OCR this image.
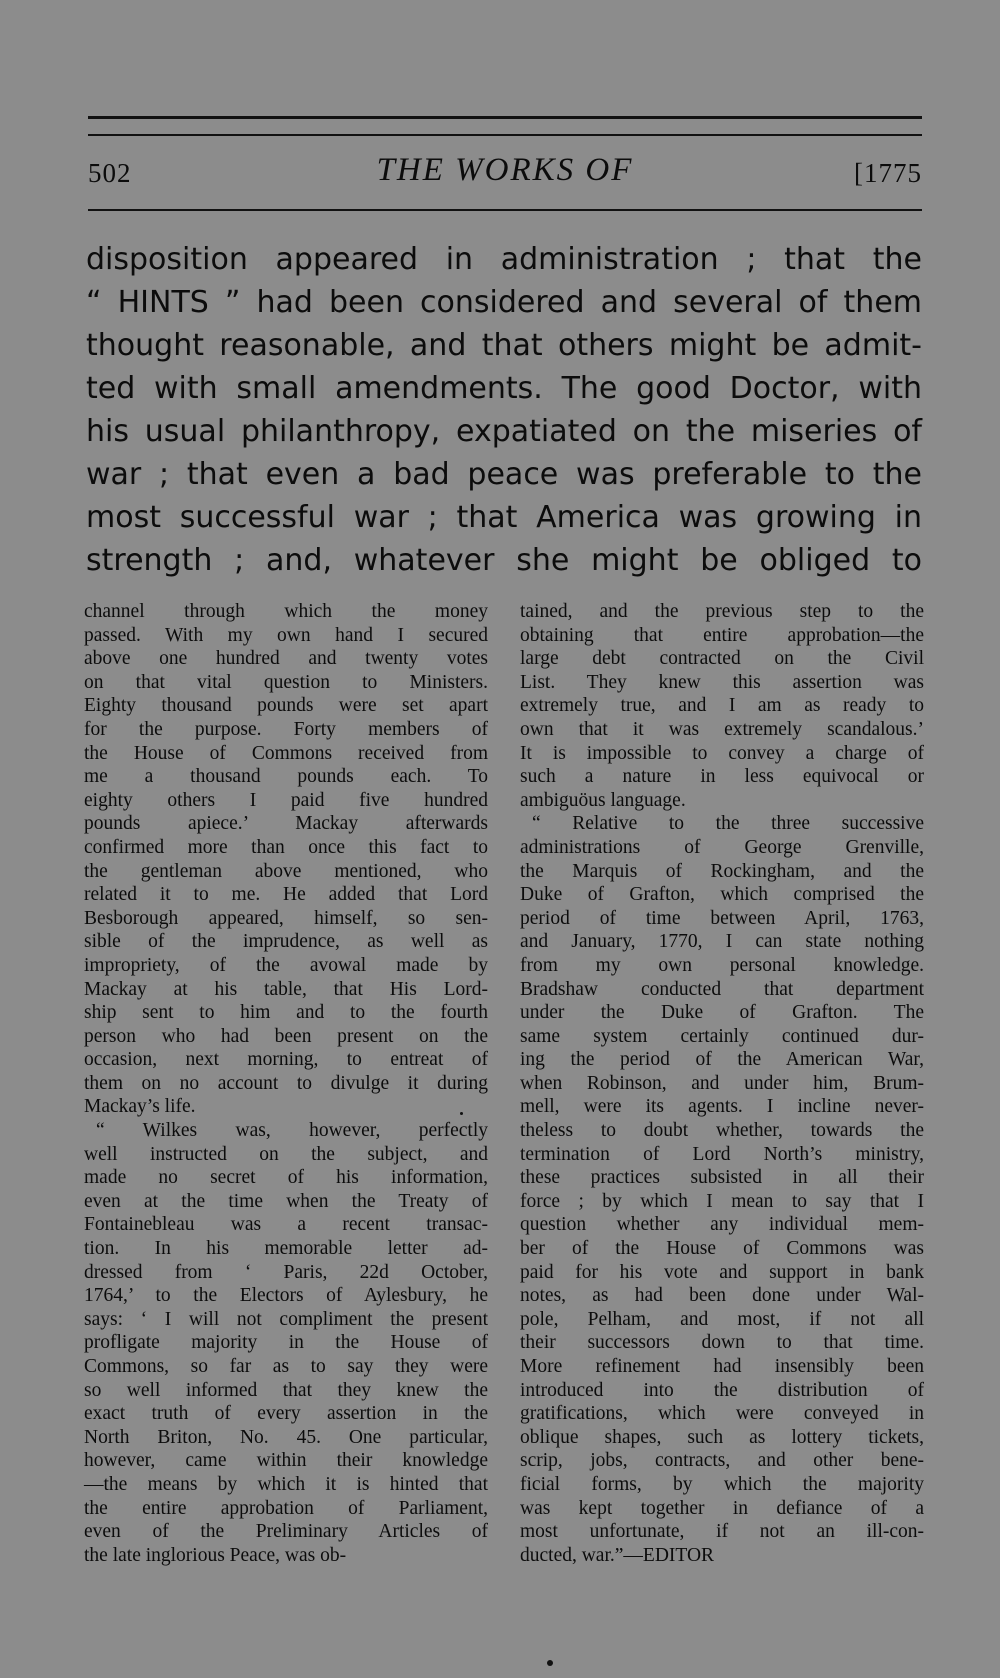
502	THE WORKS OF	[1775
disposition appeared in administration ; that the
“ HINTS ” had been considered and several of them
thought reasonable, and that others might be admit-
ted with small amendments. The good Doctor, with
his usual philanthropy, expatiated on the miseries of
war ; that even a bad peace was preferable to the
most successful war ; that America was growing in
strength ; and, whatever she might be obliged to
channel through which the money
passed. With my own hand I secured
above one hundred and twenty votes
on that vital question to Ministers.
Eighty thousand pounds were set apart
for the purpose. Forty members of
the House of Commons received from
me a thousand pounds each. To
eighty others I paid five hundred
pounds apiece.’ Mackay afterwards
confirmed more than once this fact to
the gentleman above mentioned, who
related it to me. He added that Lord
Besborough appeared, himself, so sen-
sible of the imprudence, as well as
impropriety, of the avowal made by
Mackay at his table, that His Lord-
ship sent to him and to the fourth
person who had been present on the
occasion, next morning, to entreat of
them on no account to divulge it during
Mackay’s life.
“ Wilkes was, however, perfectly
well instructed on the subject, and
made no secret of his information,
even at the time when the Treaty of
Fontainebleau was a recent transac-
tion. In his memorable letter ad-
dressed from ‘ Paris, 22d October,
1764,’ to the Electors of Aylesbury, he
says: ‘ I will not compliment the present
profligate majority in the House of
Commons, so far as to say they were
so well informed that they knew the
exact truth of every assertion in the
North Briton, No. 45. One particular,
however, came within their knowledge
—the means by which it is hinted that
the entire approbation of Parliament,
even of the Preliminary Articles of
the late inglorious Peace, was ob-
tained, and the previous step to the
obtaining that entire approbation—the
large debt contracted on the Civil
List. They knew this assertion was
extremely true, and I am as ready to
own that it was extremely scandalous.’
It is impossible to convey a charge of
such a nature in less equivocal or
ambiguöus language.
“ Relative to the three successive
administrations of George Grenville,
the Marquis of Rockingham, and the
Duke of Grafton, which comprised the
period of time between April, 1763,
and January, 1770, I can state nothing
from my own personal knowledge.
Bradshaw conducted that department
under the Duke of Grafton. The
same system certainly continued dur-
ing the period of the American War,
when Robinson, and under him, Brum-
mell, were its agents. I incline never-
theless to doubt whether, towards the
termination of Lord North’s ministry,
these practices subsisted in all their
force ; by which I mean to say that I
question whether any individual mem-
ber of the House of Commons was
paid for his vote and support in bank
notes, as had been done under Wal-
pole, Pelham, and most, if not all
their successors down to that time.
More refinement had insensibly been
introduced into the distribution of
gratifications, which were conveyed in
oblique shapes, such as lottery tickets,
scrip, jobs, contracts, and other bene-
ficial forms, by which the majority
was kept together in defiance of a
most unfortunate, if not an ill-con-
ducted, war.”—EDITOR
